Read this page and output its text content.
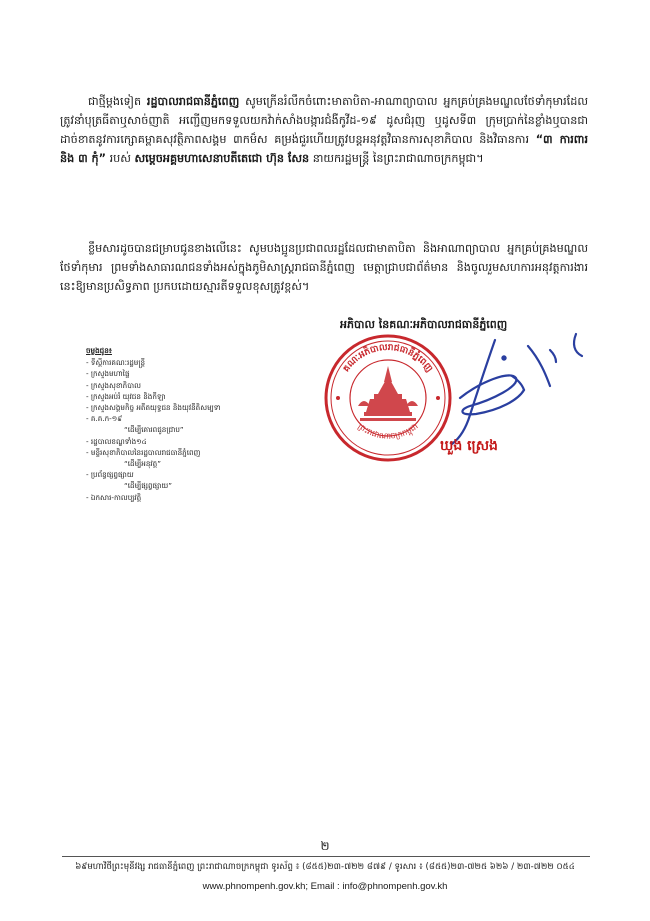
ជាថ្មីម្តងទៀត រដ្ឋបាលរាជធានីភ្នំពេញ សូមក្រើនរំលឹកចំពោះមាតាបិតា-អាណាព្យាបាល អ្នកគ្រប់គ្រងមណ្ឌលថែទាំកុមារដែលត្រូវនាំបុត្រធីតាឬសាច់ញាតិ អញ្ជើញមកទទួលយកវ៉ាក់សាំងបង្ការជំងឺកូវីដ-១៩ ដូសជំរុញ ឬដូសទី៣ ក្រុមប្រាក់នៃខ្លាំងឬបានជាដាច់ខាតនូវការក្សោគម្ពាគសុវត្ថិភាពសង្គម ៣កម៏ស គម្រង់ជួរហើយត្រូវបន្តអនុវត្តវិធានការសុខាភិបាល និងវិធានការ “៣ ការពារ និង ៣ កុំ” របស់ សម្តេចអគ្គមហាសេនាបតីតេជោ ហ៊ុន សែន នាយករដ្ឋមន្ត្រី នៃព្រះរាជាណាចក្រកម្ពុជា។

ខ្លឹមសារដូចបានជម្រាបជូនខាងលើនេះ សូមបងប្អូនប្រជាពលរដ្ឋដែលជាមាតាបិតា និងអាណាព្យាបាល អ្នកគ្រប់គ្រងមណ្ឌលថែទាំកុមារ ព្រមទាំងសាធារណជនទាំងអស់ក្នុងភូមិសាស្ត្ររាជធានីភ្នំពេញ មេត្តាជ្រាបជាព័ត៌មាន និងចូលរួមសហការអនុវត្តការងារនេះឱ្យមានប្រសិទ្ធភាព ប្រកបដោយស្មារតីទទួលខុសត្រូវខ្ពស់។

អភិបាល នៃគណៈអភិបាលរាជធានីភ្នំពេញ
ចម្លងជូន៖
- ទីស្តីការគណៈរដ្ឋមន្ត្រី
- ក្រសួងមហាផ្ទៃ
- ក្រសួងសុខាភិបាល
- ក្រសួងអប់រំ យុវជន និងកីឡា
- ក្រសួងសង្គមកិច្ច អតីតយុទ្ធជន និងយុវនីតិសម្បទា
- គ.គ.ក-១៩
“ដើម្បីគោរពជូនជ្រាប”
- រដ្ឋបាលខណ្ឌទាំង១៤
- មន្ទីរសុខាភិបាលនៃរដ្ឋបាលរាជធានីភ្នំពេញ
“ដើម្បីអនុវត្ត”
- ប្រព័ន្ធផ្សព្វផ្សាយ
“ដើម្បីផ្សព្វផ្សាយ”
- ឯកសារ-កាលប្បវត្តិ
គណៈអភិបាលរាជធានីភ្នំពេញ
ព្រះរាជាណាចក្រកម្ពុជា
ឃួង ស្រេង
២
៦៩មហាវិថីព្រះមុនីវង្ស រាជធានីភ្នំពេញ ព្រះរាជាណាចក្រកម្ពុជា ទូរស័ព្ទ ៖ (៨៥៥)២៣-៧២២ ៨៧៩ / ទូរសារ ៖ (៨៥៥)២៣-៧២៥ ៦២៦ / ២៣-៧២២ ០៥៤
www.phnompenh.gov.kh; Email : info@phnompenh.gov.kh
